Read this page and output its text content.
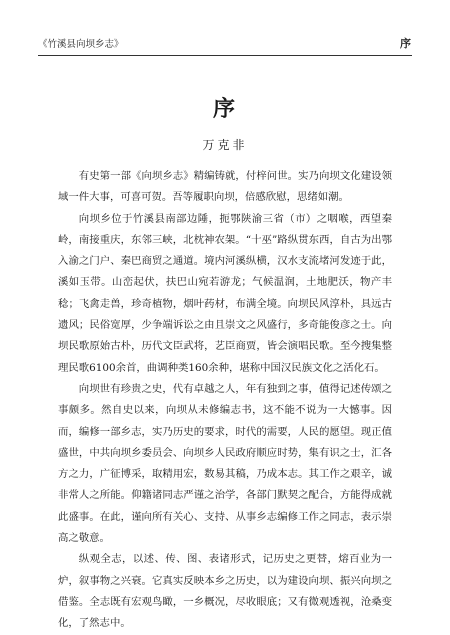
《竹溪县向坝乡志》	序
序
万克非

有史第一部《向坝乡志》精编铸就，付梓问世。实乃向坝文化建设领域一件大事，可喜可贺。吾等履职向坝，倍感欣慰，思绪如潮。

向坝乡位于竹溪县南部边陲，扼鄂陕渝三省（市）之咽喉，西望秦岭，南接重庆，东邻三峡，北枕神农架。“十巫”路纵贯东西，自古为出鄂入渝之门户、秦巴商贸之通道。境内河溪纵横，汉水支流堵河发迹于此，溪如玉带。山峦起伏，扶巴山宛若游龙；气候温润，土地肥沃，物产丰稔；飞禽走兽，珍奇植物，烟叶药材，布满全境。向坝民风淳朴，具远古遗风；民俗宽厚，少争端诉讼之由且崇文之风盛行，多奇能俊彦之士。向坝民歌原始古朴，历代文臣武将，艺臣商贾，皆会演唱民歌。至今搜集整理民歌6100余首，曲调种类160余种，堪称中国汉民族文化之活化石。

向坝世有珍贵之史，代有卓越之人，年有独到之事，值得记述传颂之事颇多。然自史以来，向坝从未修编志书，这不能不说为一大憾事。因而，编修一部乡志，实乃历史的要求，时代的需要，人民的愿望。现正值盛世，中共向坝乡委员会、向坝乡人民政府顺应时势，集有识之士，汇各方之力，广征博采，取精用宏，数易其稿，乃成本志。其工作之艰辛，诚非常人之所能。仰籍诸同志严谨之治学，各部门默契之配合，方能得成就此盛事。在此，谨向所有关心、支持、从事乡志编修工作之同志，表示崇高之敬意。

纵观全志，以述、传、图、表诸形式，记历史之更替，熔百业为一炉，叙事物之兴衰。它真实反映本乡之历史，以为建设向坝、振兴向坝之借鉴。全志既有宏观鸟瞰，一乡概况，尽收眼底；又有微观透视，沧桑变化，了然志中。
